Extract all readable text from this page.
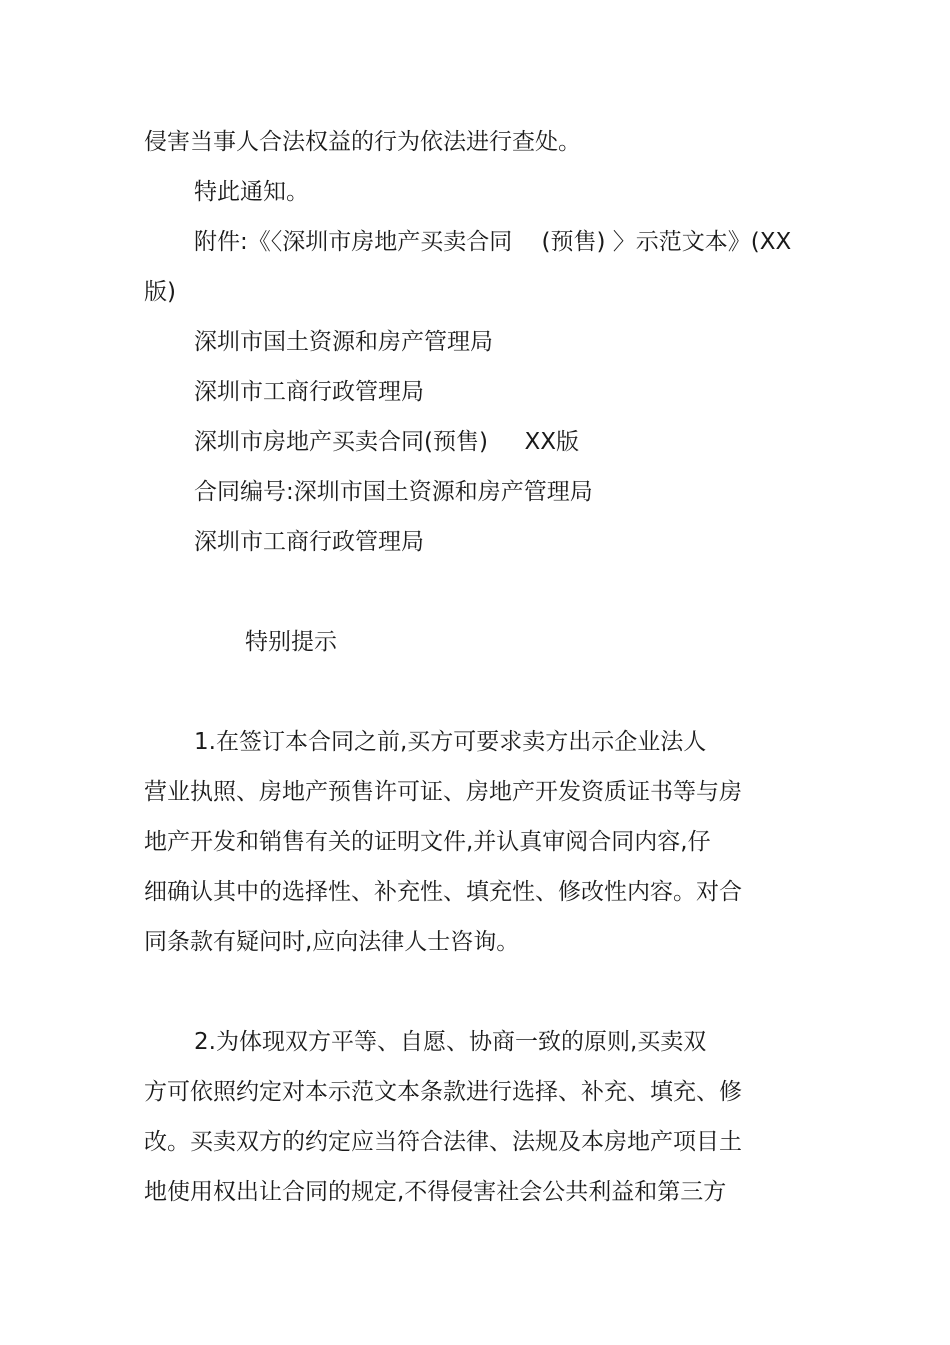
侵害当事人合法权益的行为依法进行查处。

特此通知。

附件:《〈深圳市房地产买卖合同    (预售) 〉示范文本》(XX

版)

深圳市国土资源和房产管理局

深圳市工商行政管理局

深圳市房地产买卖合同(预售)     XX版

合同编号:深圳市国土资源和房产管理局

深圳市工商行政管理局

特别提示

1.在签订本合同之前,买方可要求卖方出示企业法人

营业执照、房地产预售许可证、房地产开发资质证书等与房

地产开发和销售有关的证明文件,并认真审阅合同内容,仔

细确认其中的选择性、补充性、填充性、修改性内容。对合

同条款有疑问时,应向法律人士咨询。

2.为体现双方平等、自愿、协商一致的原则,买卖双

方可依照约定对本示范文本条款进行选择、补充、填充、修

改。买卖双方的约定应当符合法律、法规及本房地产项目土

地使用权出让合同的规定,不得侵害社会公共利益和第三方
